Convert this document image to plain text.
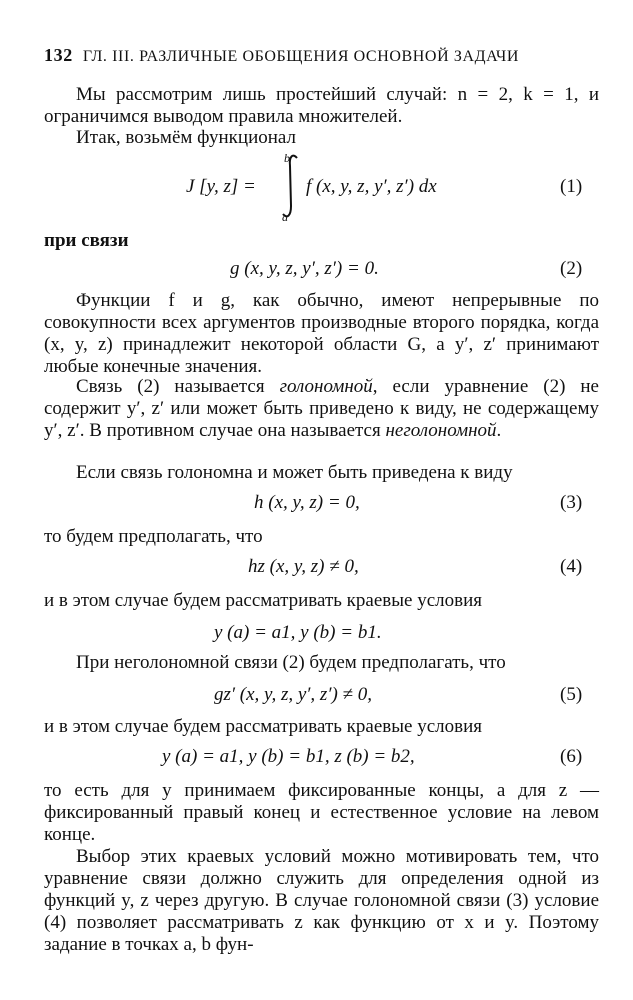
132 ГЛ. III. РАЗЛИЧНЫЕ ОБОБЩЕНИЯ ОСНОВНОЙ ЗАДАЧИ

Мы рассмотрим лишь простейший случай: n = 2, k = 1, и ограничимся выводом правила множителей.

Итак, возьмём функционал

J [y, z] =
b
a
f (x, y, z, y′, z′) dx	(1)

при связи

g (x, y, z, y′, z′) = 0.	(2)

Функции f и g, как обычно, имеют непрерывные по совокупности всех аргументов производные второго порядка, когда (x, y, z) принадлежит некоторой области G, а y′, z′ принимают любые конечные значения.

Связь (2) называется голономной, если уравнение (2) не содержит y′, z′ или может быть приведено к виду, не содержащему y′, z′. В противном случае она называется неголономной.

Если связь голономна и может быть приведена к виду

h (x, y, z) = 0,	(3)

то будем предполагать, что

hz (x, y, z) ≠ 0,	(4)

и в этом случае будем рассматривать краевые условия

y (a) = a1, y (b) = b1.

При неголономной связи (2) будем предполагать, что

gz′ (x, y, z, y′, z′) ≠ 0,	(5)

и в этом случае будем рассматривать краевые условия

y (a) = a1, y (b) = b1, z (b) = b2,	(6)

то есть для y принимаем фиксированные концы, а для z — фиксированный правый конец и естественное условие на левом конце.

Выбор этих краевых условий можно мотивировать тем, что уравнение связи должно служить для определения одной из функций y, z через другую. В случае голономной связи (3) условие (4) позволяет рассматривать z как функцию от x и y. Поэтому задание в точках a, b фун-
